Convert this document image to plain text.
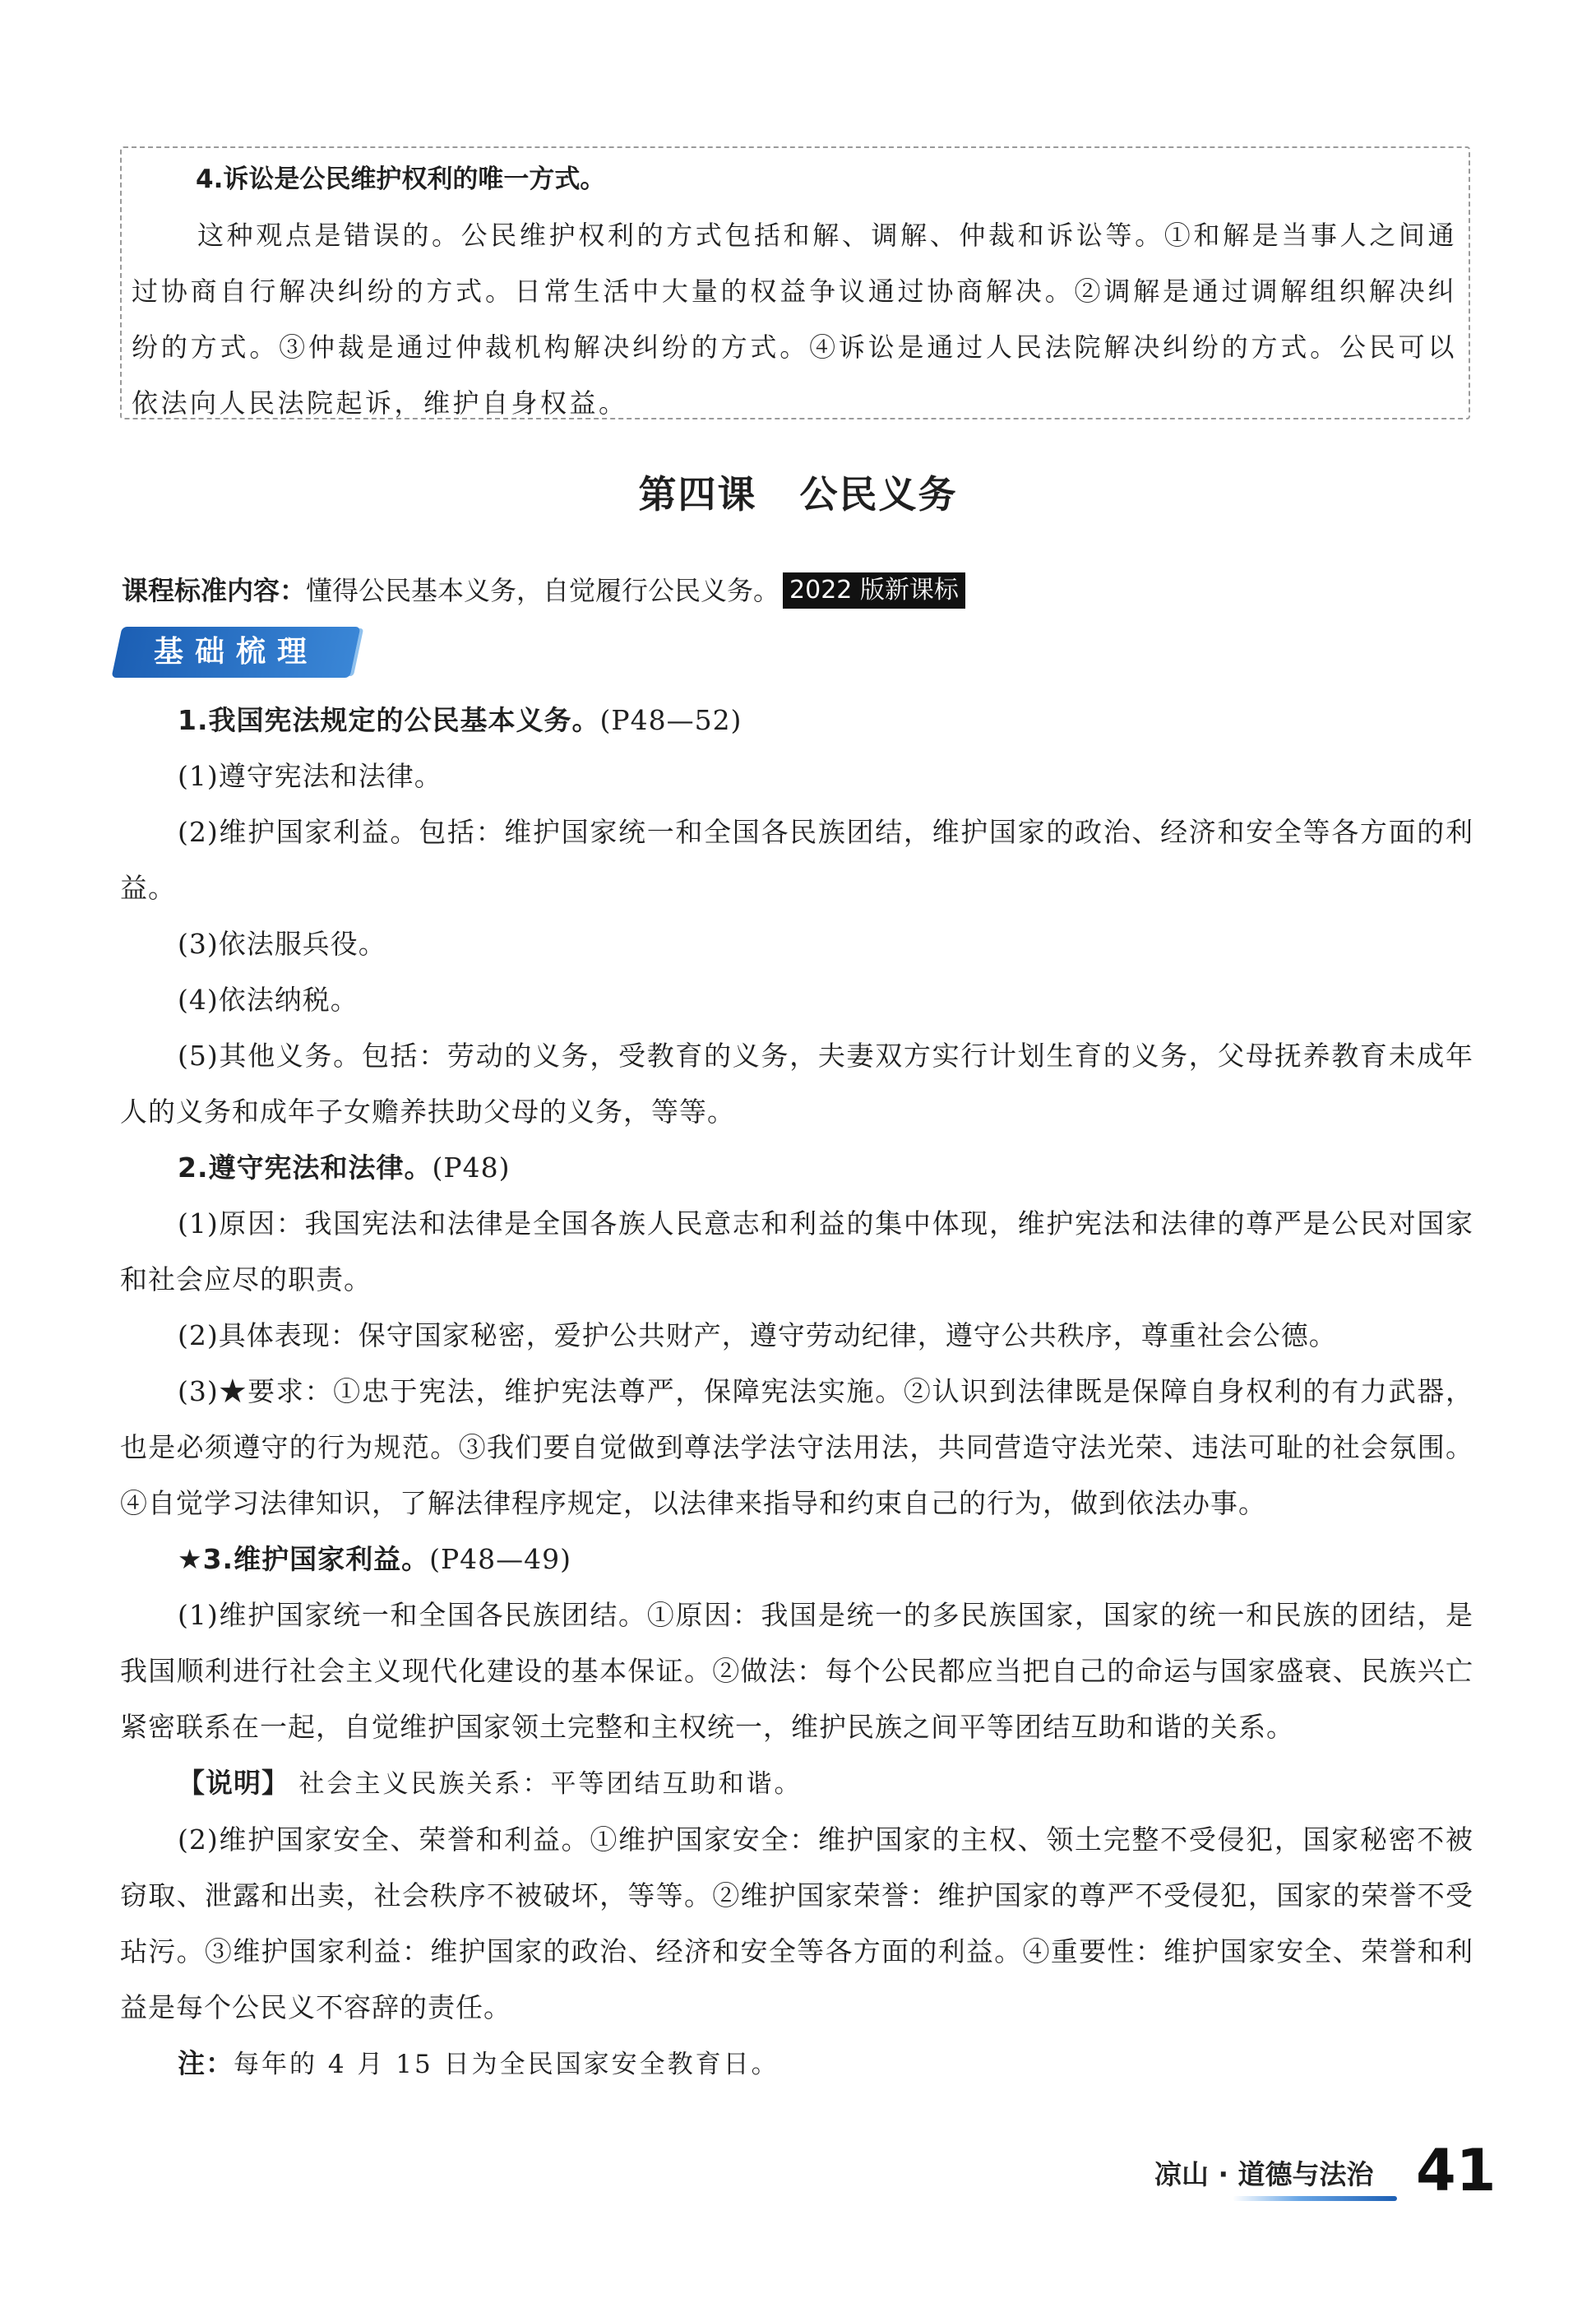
4.诉讼是公民维护权利的唯一方式。

这种观点是错误的。公民维护权利的方式包括和解、调解、仲裁和诉讼等。①和解是当事人之间通过协商自行解决纠纷的方式。日常生活中大量的权益争议通过协商解决。②调解是通过调解组织解决纠纷的方式。③仲裁是通过仲裁机构解决纠纷的方式。④诉讼是通过人民法院解决纠纷的方式。公民可以依法向人民法院起诉，维护自身权益。

第四课 公民义务
课程标准内容：懂得公民基本义务，自觉履行公民义务。 2022 版新课标
基础梳理

1.我国宪法规定的公民基本义务。(P48—52)

(1)遵守宪法和法律。

(2)维护国家利益。包括：维护国家统一和全国各民族团结，维护国家的政治、经济和安全等各方面的利益。

(3)依法服兵役。

(4)依法纳税。

(5)其他义务。包括：劳动的义务，受教育的义务，夫妻双方实行计划生育的义务，父母抚养教育未成年人的义务和成年子女赡养扶助父母的义务，等等。

2.遵守宪法和法律。(P48)

(1)原因：我国宪法和法律是全国各族人民意志和利益的集中体现，维护宪法和法律的尊严是公民对国家和社会应尽的职责。

(2)具体表现：保守国家秘密，爱护公共财产，遵守劳动纪律，遵守公共秩序，尊重社会公德。

(3)★要求：①忠于宪法，维护宪法尊严，保障宪法实施。②认识到法律既是保障自身权利的有力武器，也是必须遵守的行为规范。③我们要自觉做到尊法学法守法用法，共同营造守法光荣、违法可耻的社会氛围。④自觉学习法律知识，了解法律程序规定，以法律来指导和约束自己的行为，做到依法办事。

★3.维护国家利益。(P48—49)

(1)维护国家统一和全国各民族团结。①原因：我国是统一的多民族国家，国家的统一和民族的团结，是我国顺利进行社会主义现代化建设的基本保证。②做法：每个公民都应当把自己的命运与国家盛衰、民族兴亡紧密联系在一起，自觉维护国家领土完整和主权统一，维护民族之间平等团结互助和谐的关系。

【说明】 社会主义民族关系：平等团结互助和谐。

(2)维护国家安全、荣誉和利益。①维护国家安全：维护国家的主权、领土完整不受侵犯，国家秘密不被窃取、泄露和出卖，社会秩序不被破坏，等等。②维护国家荣誉：维护国家的尊严不受侵犯，国家的荣誉不受玷污。③维护国家利益：维护国家的政治、经济和安全等各方面的利益。④重要性：维护国家安全、荣誉和利益是每个公民义不容辞的责任。

注：每年的 4 月 15 日为全民国家安全教育日。

凉山 · 道德与法治 41
